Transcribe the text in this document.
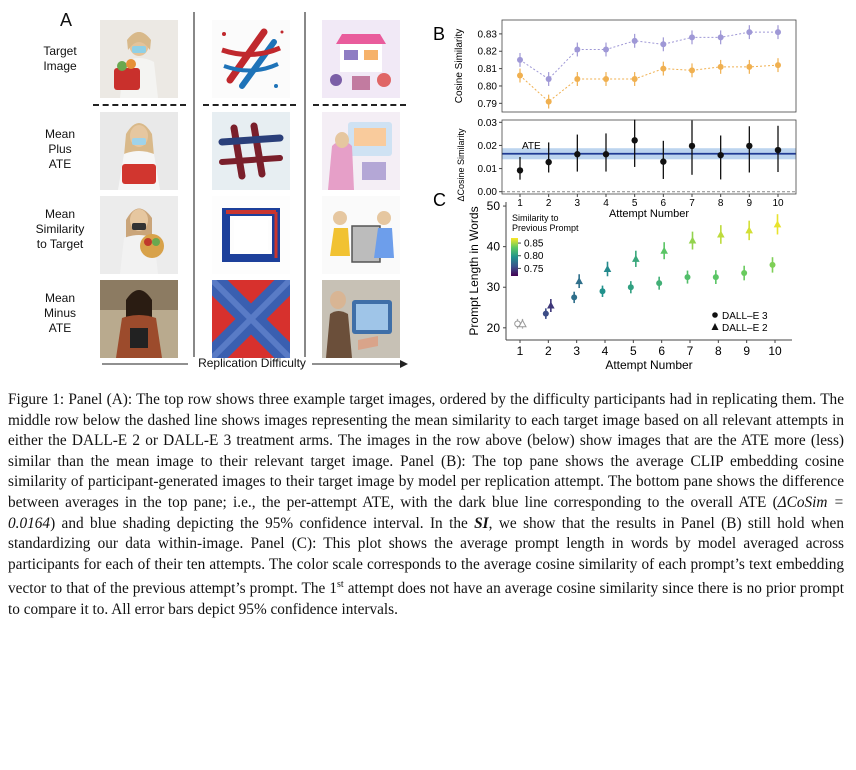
A
Target
Image
Mean
Plus
ATE
Mean
Similarity
to Target
Mean
Minus
ATE
Replication Difficulty
B
C
0.79
0.80
0.81
0.82
0.83
Cosine Similarity
0.00
0.01
0.02
0.03
ΔCosine Similarity	ATE
1 2 3 4 5 6 7 8 9 10
Attempt Number
20
30
40
50
1 2 3 4 5 6 7 8 9 10
Attempt Number
Prompt Length in Words	Similarity to
Previous Prompt
0.85
0.80
0.75
DALL–E 3
DALL–E 2

Figure 1: Panel (A): The top row shows three example target images, ordered by the difficulty participants had in replicating them. The middle row below the dashed line shows images representing the mean similarity to each target image based on all relevant attempts in either the DALL-E 2 or DALL-E 3 treatment arms. The images in the row above (below) show images that are the ATE more (less) similar than the mean image to their relevant target image. Panel (B): The top pane shows the average CLIP embedding cosine similarity of participant-generated images to their target image by model per replication attempt. The bottom pane shows the difference between averages in the top pane; i.e., the per-attempt ATE, with the dark blue line corresponding to the overall ATE (ΔCoSim = 0.0164) and blue shading depicting the 95% confidence interval. In the SI, we show that the results in Panel (B) still hold when standardizing our data within-image. Panel (C): This plot shows the average prompt length in words by model averaged across participants for each of their ten attempts. The color scale corresponds to the average cosine similarity of each prompt’s text embedding vector to that of the previous attempt’s prompt. The 1st attempt does not have an average cosine similarity since there is no prior prompt to compare it to. All error bars depict 95% confidence intervals.
